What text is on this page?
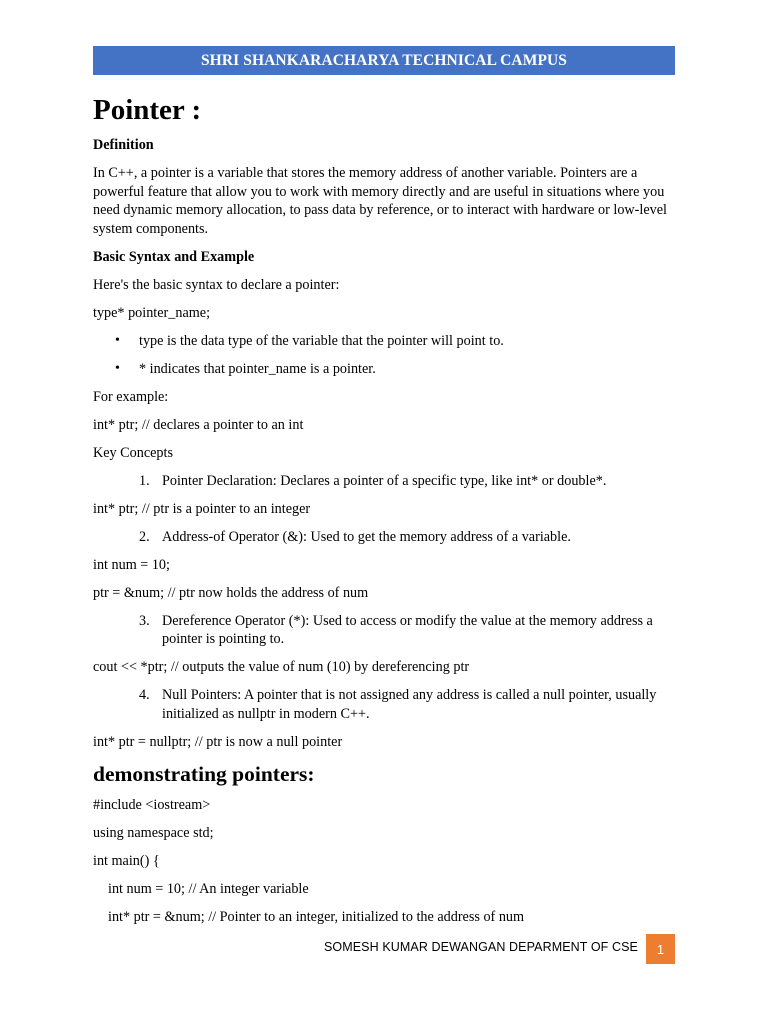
SHRI SHANKARACHARYA TECHNICAL CAMPUS
Pointer :

Definition

In C++, a pointer is a variable that stores the memory address of another variable. Pointers are a powerful feature that allow you to work with memory directly and are useful in situations where you need dynamic memory allocation, to pass data by reference, or to interact with hardware or low-level system components.

Basic Syntax and Example

Here's the basic syntax to declare a pointer:

type* pointer_name;

• type is the data type of the variable that the pointer will point to.
• * indicates that pointer_name is a pointer.

For example:

int* ptr; // declares a pointer to an int

Key Concepts

1. Pointer Declaration: Declares a pointer of a specific type, like int* or double*.

int* ptr; // ptr is a pointer to an integer

2. Address-of Operator (&): Used to get the memory address of a variable.

int num = 10;

ptr = &num; // ptr now holds the address of num

3. Dereference Operator (*): Used to access or modify the value at the memory address a pointer is pointing to.

cout << *ptr; // outputs the value of num (10) by dereferencing ptr

4. Null Pointers: A pointer that is not assigned any address is called a null pointer, usually initialized as nullptr in modern C++.

int* ptr = nullptr; // ptr is now a null pointer

demonstrating pointers:

#include <iostream>

using namespace std;

int main() {

int num = 10; // An integer variable

int* ptr = &num; // Pointer to an integer, initialized to the address of num

SOMESH KUMAR DEWANGAN DEPARMENT OF CSE 1
